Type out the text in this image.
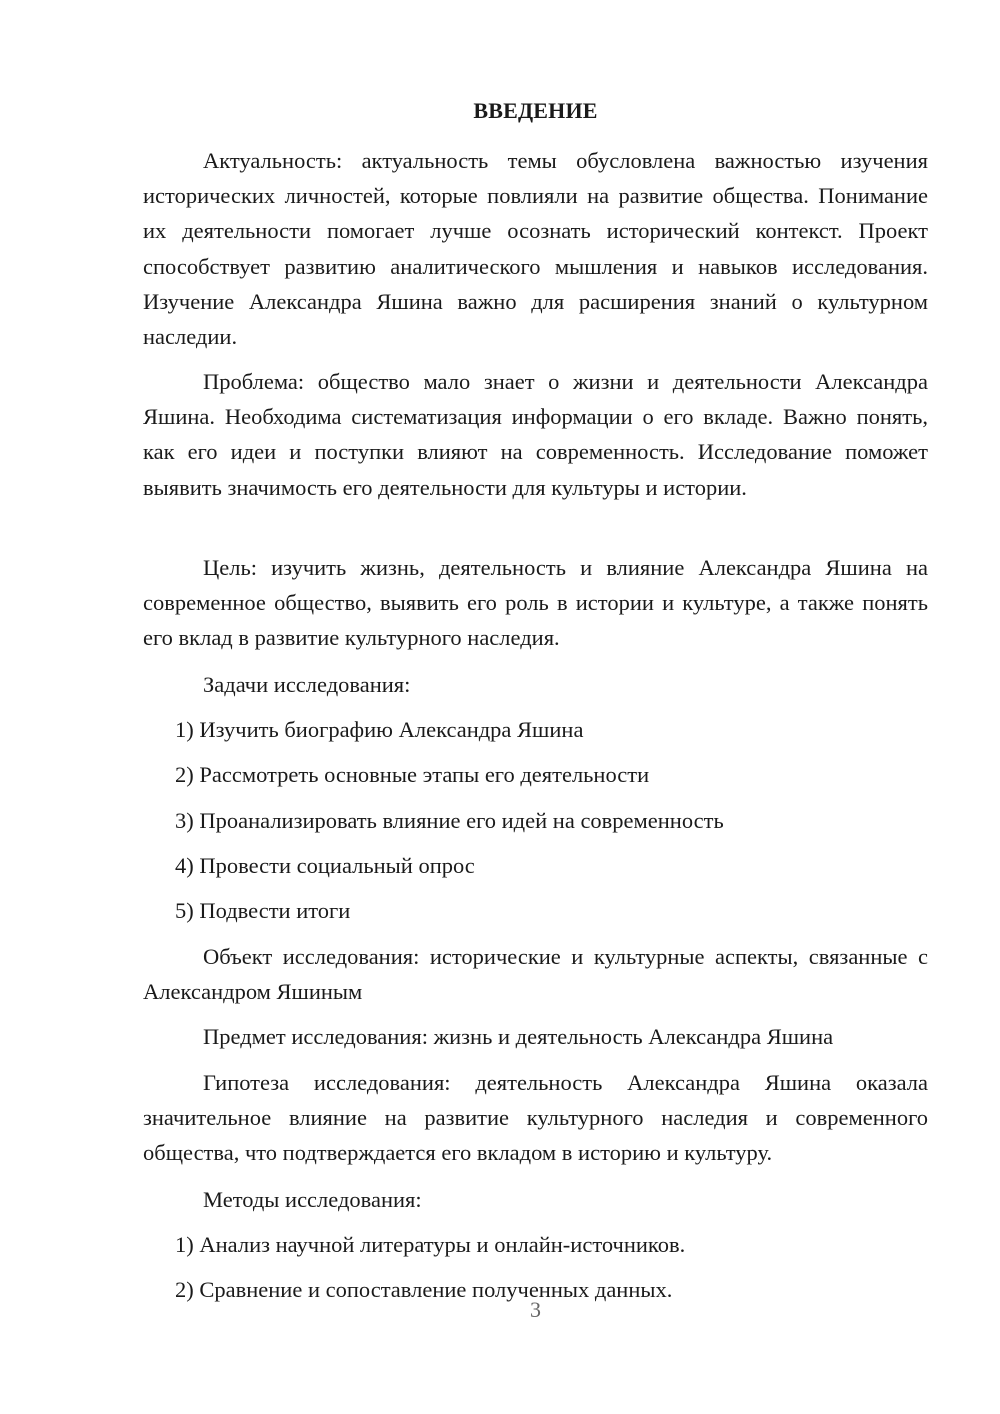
ВВЕДЕНИЕ

Актуальность: актуальность темы обусловлена важностью изучения исторических личностей, которые повлияли на развитие общества. Понимание их деятельности помогает лучше осознать исторический контекст. Проект способствует развитию аналитического мышления и навыков исследования. Изучение Александра Яшина важно для расширения знаний о культурном наследии.

Проблема: общество мало знает о жизни и деятельности Александра Яшина. Необходима систематизация информации о его вкладе. Важно понять, как его идеи и поступки влияют на современность. Исследование поможет выявить значимость его деятельности для культуры и истории.

Цель: изучить жизнь, деятельность и влияние Александра Яшина на современное общество, выявить его роль в истории и культуре, а также понять его вклад в развитие культурного наследия.

Задачи исследования:

1) Изучить биографию Александра Яшина

2) Рассмотреть основные этапы его деятельности

3) Проанализировать влияние его идей на современность

4) Провести социальный опрос

5) Подвести итоги

Объект исследования: исторические и культурные аспекты, связанные с Александром Яшиным

Предмет исследования: жизнь и деятельность Александра Яшина

Гипотеза исследования: деятельность Александра Яшина оказала значительное влияние на развитие культурного наследия и современного общества, что подтверждается его вкладом в историю и культуру.

Методы исследования:

1) Анализ научной литературы и онлайн-источников.

2) Сравнение и сопоставление полученных данных.

3
